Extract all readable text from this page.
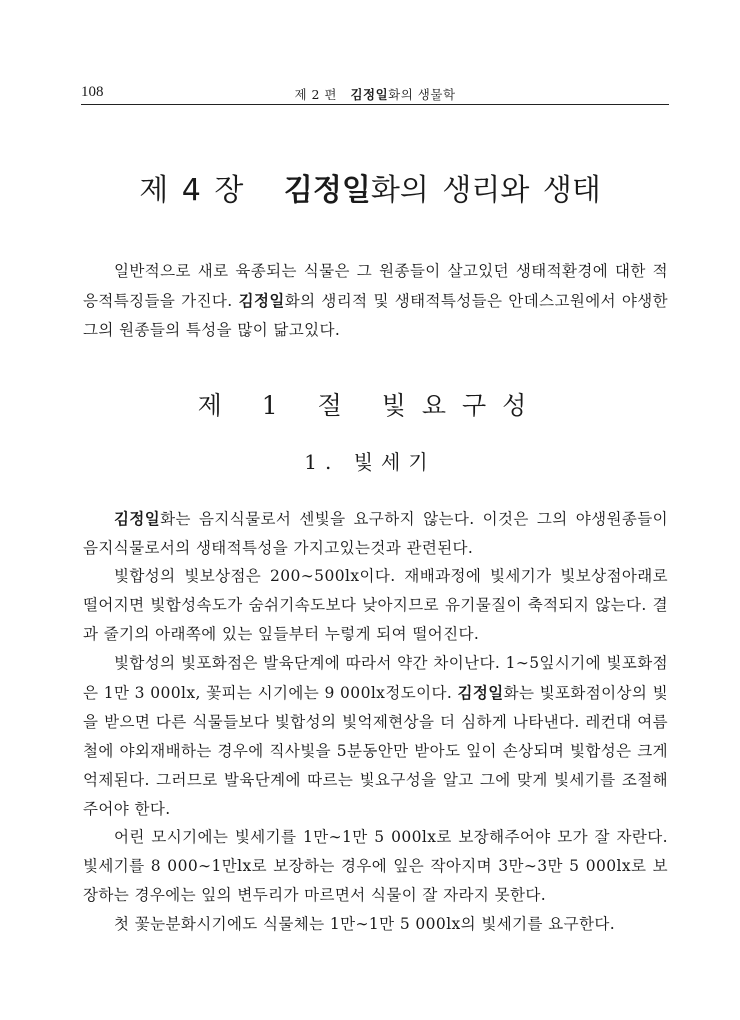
108	제 2 편 김정일화의 생물학
제 4 장 김정일화의 생리와 생태

일반적으로 새로 육종되는 식물은 그 원종들이 살고있던 생태적환경에 대한 적응적특징들을 가진다. 김정일화의 생리적 및 생태적특성들은 안데스고원에서 야생한 그의 원종들의 특성을 많이 닮고있다.

제 1 절 빛요구성
1. 빛세기

김정일화는 음지식물로서 센빛을 요구하지 않는다. 이것은 그의 야생원종들이 음지식물로서의 생태적특성을 가지고있는것과 관련된다.

빛합성의 빛보상점은 200∼500lx이다. 재배과정에 빛세기가 빛보상점아래로 떨어지면 빛합성속도가 숨쉬기속도보다 낮아지므로 유기물질이 축적되지 않는다. 결과 줄기의 아래쪽에 있는 잎들부터 누렇게 되여 떨어진다.

빛합성의 빛포화점은 발육단계에 따라서 약간 차이난다. 1∼5잎시기에 빛포화점은 1만 3 000lx, 꽃피는 시기에는 9 000lx정도이다. 김정일화는 빛포화점이상의 빛을 받으면 다른 식물들보다 빛합성의 빛억제현상을 더 심하게 나타낸다. 레컨대 여름철에 야외재배하는 경우에 직사빛을 5분동안만 받아도 잎이 손상되며 빛합성은 크게 억제된다. 그러므로 발육단계에 따르는 빛요구성을 알고 그에 맞게 빛세기를 조절해주어야 한다.

어린 모시기에는 빛세기를 1만∼1만 5 000lx로 보장해주어야 모가 잘 자란다. 빛세기를 8 000∼1만lx로 보장하는 경우에 잎은 작아지며 3만∼3만 5 000lx로 보장하는 경우에는 잎의 변두리가 마르면서 식물이 잘 자라지 못한다.

첫 꽃눈분화시기에도 식물체는 1만∼1만 5 000lx의 빛세기를 요구한다.
